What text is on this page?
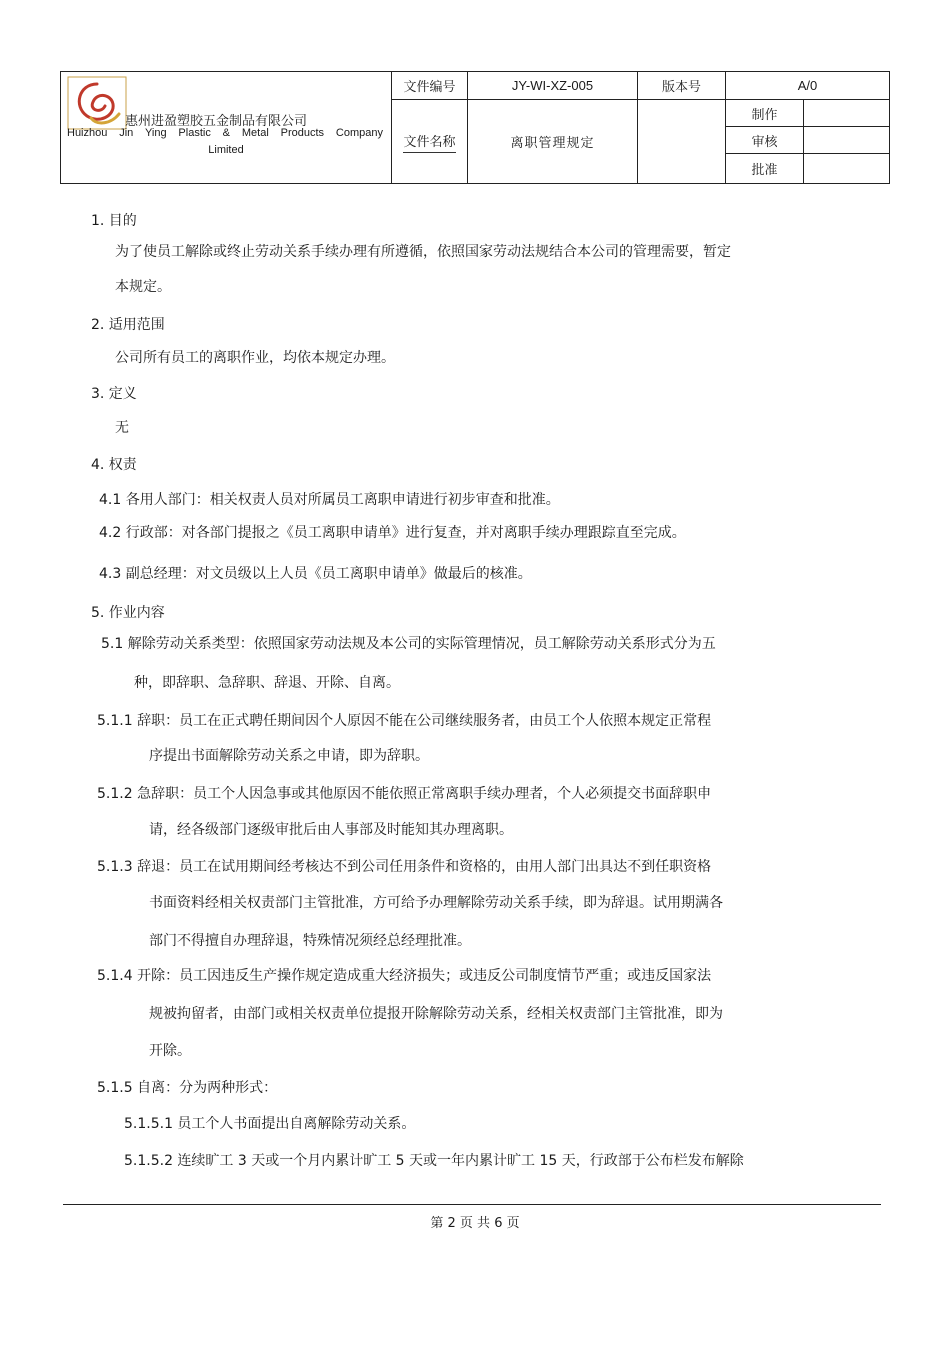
惠州进盈塑胶五金制品有限公司
Huizhou Jin Ying Plastic & Metal Products Company
Limited	文件编号	JY-WI-XZ-005	版本号	A/0	
	文件名称	离职管理规定		制作	
				审核	
				批准	
1. 目的
为了使员工解除或终止劳动关系手续办理有所遵循，依照国家劳动法规结合本公司的管理需要，暂定
本规定。
2. 适用范围
公司所有员工的离职作业，均依本规定办理。
3. 定义
无
4. 权责
4.1 各用人部门：相关权责人员对所属员工离职申请进行初步审查和批准。
4.2 行政部：对各部门提报之《员工离职申请单》进行复查，并对离职手续办理跟踪直至完成。
4.3 副总经理：对文员级以上人员《员工离职申请单》做最后的核准。
5. 作业内容
5.1 解除劳动关系类型：依照国家劳动法规及本公司的实际管理情况，员工解除劳动关系形式分为五
种，即辞职、急辞职、辞退、开除、自离。
5.1.1 辞职：员工在正式聘任期间因个人原因不能在公司继续服务者，由员工个人依照本规定正常程
序提出书面解除劳动关系之申请，即为辞职。
5.1.2 急辞职：员工个人因急事或其他原因不能依照正常离职手续办理者，个人必须提交书面辞职申
请，经各级部门逐级审批后由人事部及时能知其办理离职。
5.1.3 辞退：员工在试用期间经考核达不到公司任用条件和资格的，由用人部门出具达不到任职资格
书面资料经相关权责部门主管批准，方可给予办理解除劳动关系手续，即为辞退。试用期满各
部门不得擅自办理辞退，特殊情况须经总经理批准。
5.1.4 开除：员工因违反生产操作规定造成重大经济损失；或违反公司制度情节严重；或违反国家法
规被拘留者，由部门或相关权责单位提报开除解除劳动关系，经相关权责部门主管批准，即为
开除。
5.1.5 自离：分为两种形式：
5.1.5.1 员工个人书面提出自离解除劳动关系。
5.1.5.2 连续旷工 3 天或一个月内累计旷工 5 天或一年内累计旷工 15 天，行政部于公布栏发布解除
第 2 页 共 6 页
